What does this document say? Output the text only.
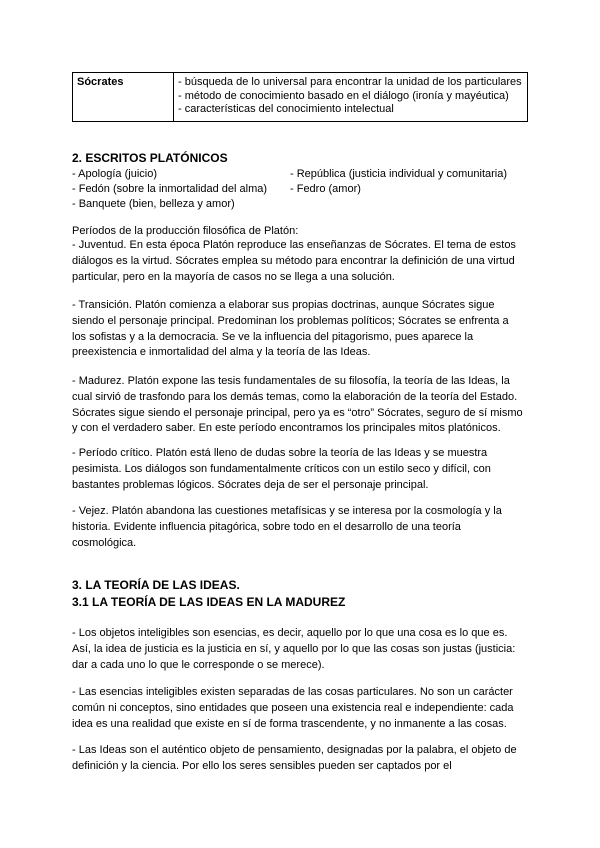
Sócrates	- búsqueda de lo universal para encontrar la unidad de los particulares
- método de conocimiento basado en el diálogo (ironía y mayéutica)
- características del conocimiento intelectual
2. ESCRITOS PLATÓNICOS
- Apología (juicio)
- Fedón (sobre la inmortalidad del alma)
- Banquete (bien, belleza y amor)
- República (justicia individual y comunitaria)
- Fedro (amor)
Períodos de la producción filosófica de Platón:
- Juventud. En esta época Platón reproduce las enseñanzas de Sócrates. El tema de estos
diálogos es la virtud. Sócrates emplea su método para encontrar la definición de una virtud
particular, pero en la mayoría de casos no se llega a una solución.
- Transición. Platón comienza a elaborar sus propias doctrinas, aunque Sócrates sigue
siendo el personaje principal. Predominan los problemas políticos; Sócrates se enfrenta a
los sofistas y a la democracia. Se ve la influencia del pitagorismo, pues aparece la
preexistencia e inmortalidad del alma y la teoría de las Ideas.
- Madurez. Platón expone las tesis fundamentales de su filosofía, la teoría de las Ideas, la
cual sirvió de trasfondo para los demás temas, como la elaboración de la teoría del Estado.
Sócrates sigue siendo el personaje principal, pero ya es “otro” Sócrates, seguro de sí mismo
y con el verdadero saber. En este período encontramos los principales mitos platónicos.
- Período crítico. Platón está lleno de dudas sobre la teoría de las Ideas y se muestra
pesimista. Los diálogos son fundamentalmente críticos con un estilo seco y difícil, con
bastantes problemas lógicos. Sócrates deja de ser el personaje principal.
- Vejez. Platón abandona las cuestiones metafísicas y se interesa por la cosmología y la
historia. Evidente influencia pitagórica, sobre todo en el desarrollo de una teoría
cosmológica.
3. LA TEORÍA DE LAS IDEAS.
3.1 LA TEORÍA DE LAS IDEAS EN LA MADUREZ
- Los objetos inteligibles son esencias, es decir, aquello por lo que una cosa es lo que es.
Así, la idea de justicia es la justicia en sí, y aquello por lo que las cosas son justas (justicia:
dar a cada uno lo que le corresponde o se merece).
- Las esencias inteligibles existen separadas de las cosas particulares. No son un carácter
común ni conceptos, sino entidades que poseen una existencia real e independiente: cada
idea es una realidad que existe en sí de forma trascendente, y no inmanente a las cosas.
- Las Ideas son el auténtico objeto de pensamiento, designadas por la palabra, el objeto de
definición y la ciencia. Por ello los seres sensibles pueden ser captados por el
